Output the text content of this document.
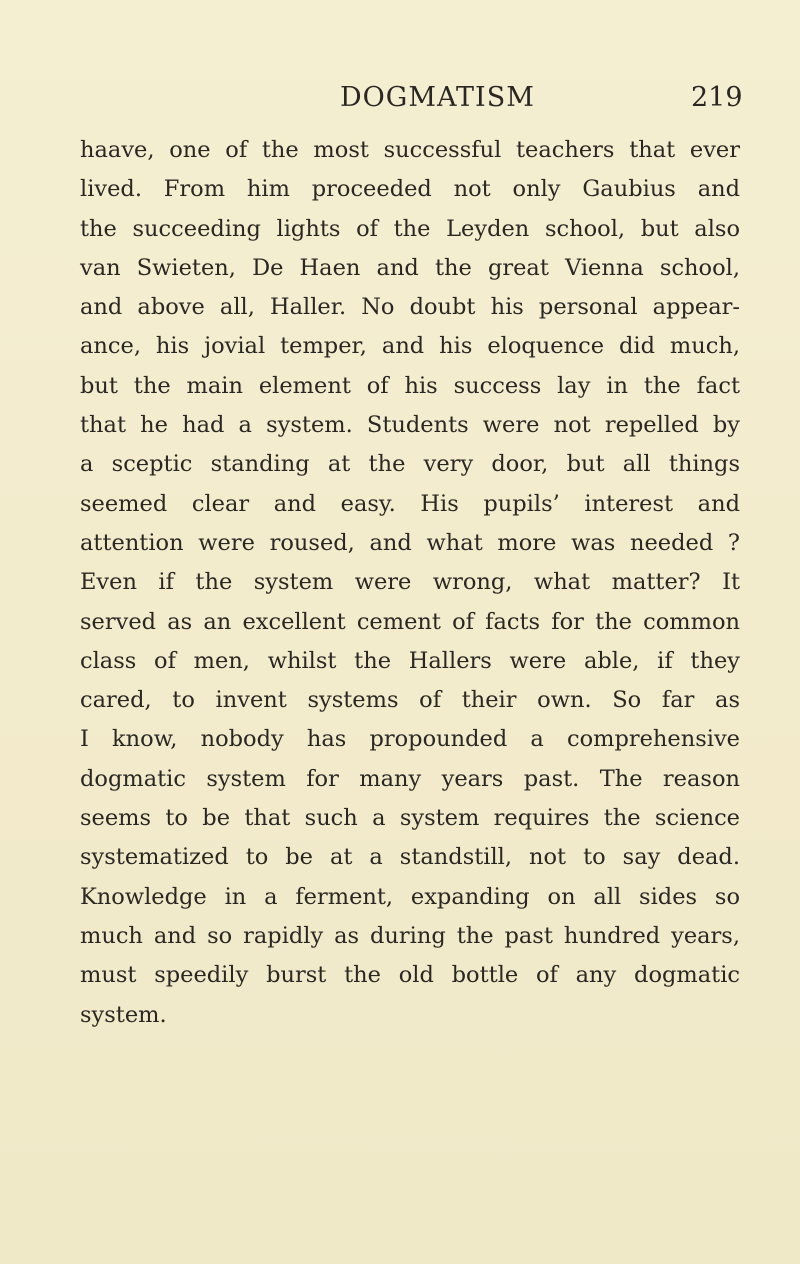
DOGMATISM	219
haave, one of the most successful teachers that ever
lived. From him proceeded not only Gaubius and
the succeeding lights of the Leyden school, but also
van Swieten, De Haen and the great Vienna school,
and above all, Haller. No doubt his personal appear-
ance, his jovial temper, and his eloquence did much,
but the main element of his success lay in the fact
that he had a system. Students were not repelled by
a sceptic standing at the very door, but all things
seemed clear and easy. His pupils’ interest and
attention were roused, and what more was needed ?
Even if the system were wrong, what matter? It
served as an excellent cement of facts for the common
class of men, whilst the Hallers were able, if they
cared, to invent systems of their own. So far as
I know, nobody has propounded a comprehensive
dogmatic system for many years past. The reason
seems to be that such a system requires the science
systematized to be at a standstill, not to say dead.
Knowledge in a ferment, expanding on all sides so
much and so rapidly as during the past hundred years,
must speedily burst the old bottle of any dogmatic
system.
